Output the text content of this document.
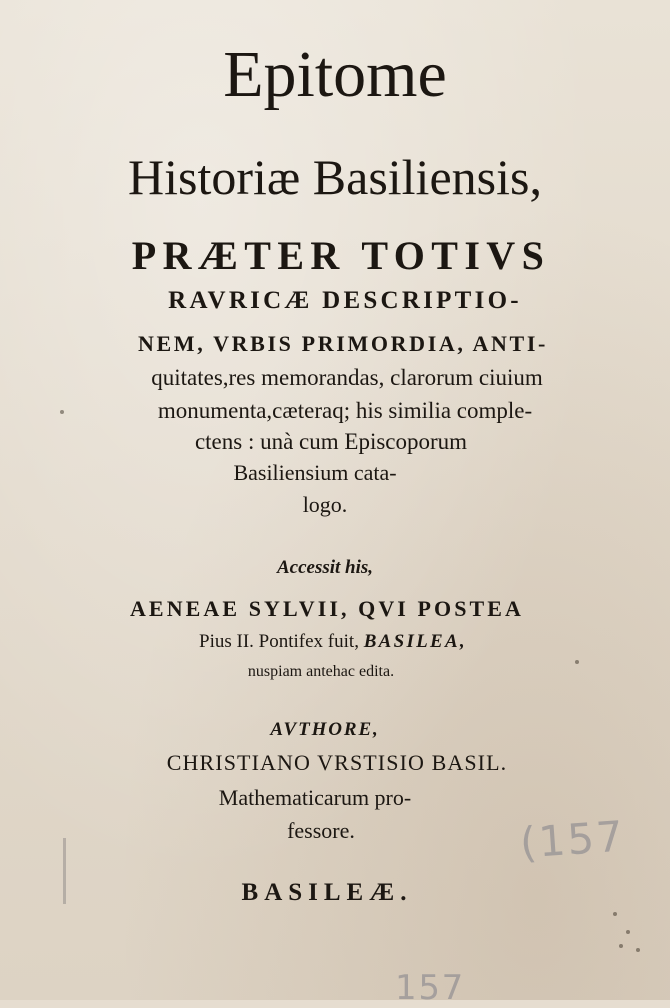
Epitome
Historiæ Basiliensis,
PRÆTER TOTIVS
RAVRICÆ DESCRIPTIO-
NEM, VRBIS PRIMORDIA, ANTI-
quitates,res memorandas, clarorum ciuium
monumenta,cæteraq; his similia comple-
ctens : unà cum Episcoporum
Basiliensium cata-
logo.
Accessit his,
AENEAE SYLVII, QVI POSTEA
Pius II. Pontifex fuit, BASILEA,
nuspiam antehac edita.
AVTHORE,
CHRISTIANO VRSTISIO BASIL.
Mathematicarum pro-
fessore.
BASILEÆ.
(157
157
